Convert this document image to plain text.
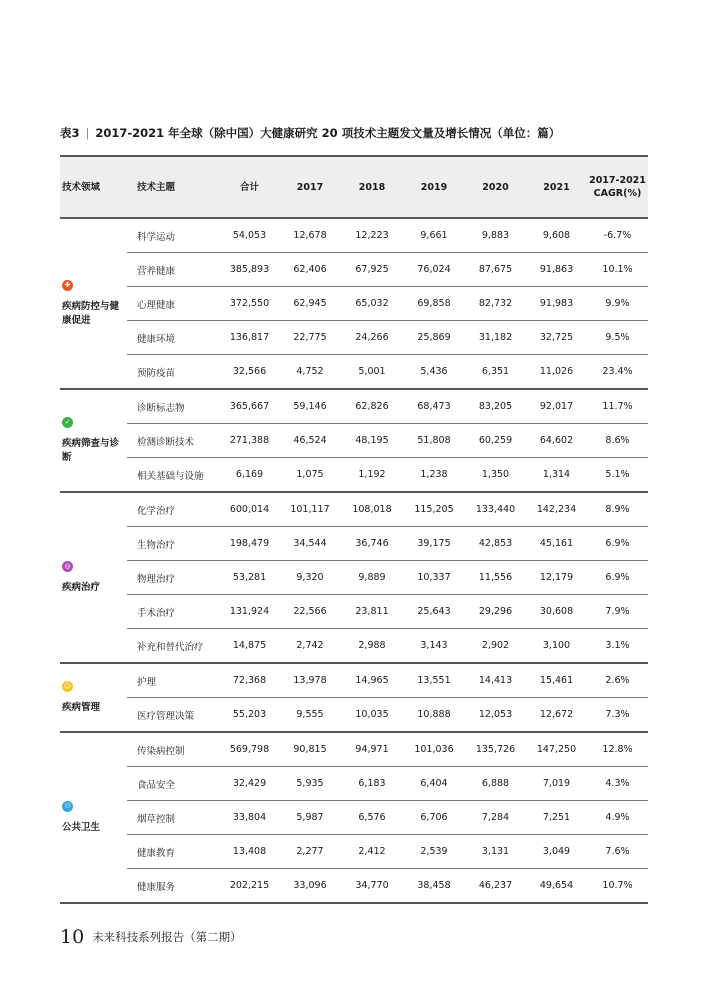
表3 | 2017-2021 年全球（除中国）大健康研究 20 项技术主题发文量及增长情况（单位：篇）
技术领域	技术主题	合计	2017	2018	2019	2020	2021	2017-2021
CAGR(%)

✚
疾病防控与健康促进	科学运动	54,053	12,678	12,223	9,661	9,883	9,608	-6.7%
	营养健康	385,893	62,406	67,925	76,024	87,675	91,863	10.1%
	心理健康	372,550	62,945	65,032	69,858	82,732	91,983	9.9%
	健康环境	136,817	22,775	24,266	25,869	31,182	32,725	9.5%
	预防疫苗	32,566	4,752	5,001	5,436	6,351	11,026	23.4%

✓
疾病筛查与诊断	诊断标志物	365,667	59,146	62,826	68,473	83,205	92,017	11.7%
	检测诊断技术	271,388	46,524	48,195	51,808	60,259	64,602	8.6%
	相关基础与设施	6,169	1,075	1,192	1,238	1,350	1,314	5.1%

◎
疾病治疗	化学治疗	600,014	101,117	108,018	115,205	133,440	142,234	8.9%
	生物治疗	198,479	34,544	36,746	39,175	42,853	45,161	6.9%
	物理治疗	53,281	9,320	9,889	10,337	11,556	12,179	6.9%
	手术治疗	131,924	22,566	23,811	25,643	29,296	30,608	7.9%
	补充和替代治疗	14,875	2,742	2,988	3,143	2,902	3,100	3.1%

☺
疾病管理	护理	72,368	13,978	14,965	13,551	14,413	15,461	2.6%
	医疗管理决策	55,203	9,555	10,035	10,888	12,053	12,672	7.3%

⚇
公共卫生	传染病控制	569,798	90,815	94,971	101,036	135,726	147,250	12.8%
	食品安全	32,429	5,935	6,183	6,404	6,888	7,019	4.3%
	烟草控制	33,804	5,987	6,576	6,706	7,284	7,251	4.9%
	健康教育	13,408	2,277	2,412	2,539	3,131	3,049	7.6%
	健康服务	202,215	33,096	34,770	38,458	46,237	49,654	10.7%
10 未来科技系列报告（第二期）
